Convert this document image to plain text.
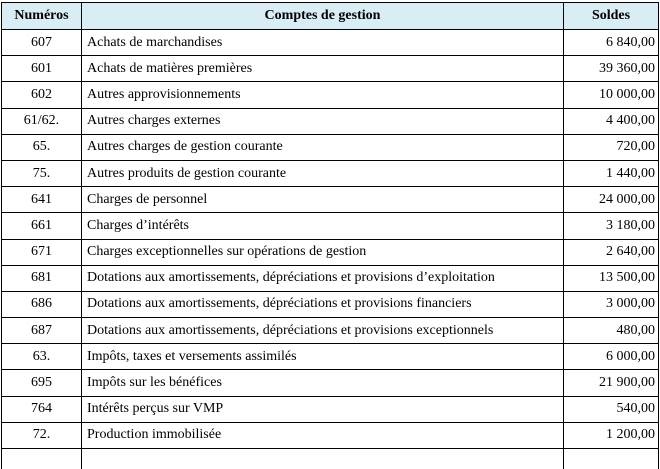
Numéros	Comptes de gestion	Soldes
607	Achats de marchandises	6 840,00
601	Achats de matières premières	39 360,00
602	Autres approvisionnements	10 000,00
61/62.	Autres charges externes	4 400,00
65.	Autres charges de gestion courante	720,00
75.	Autres produits de gestion courante	1 440,00
641	Charges de personnel	24 000,00
661	Charges d’intérêts	3 180,00
671	Charges exceptionnelles sur opérations de gestion	2 640,00
681	Dotations aux amortissements, dépréciations et provisions d’exploitation	13 500,00
686	Dotations aux amortissements, dépréciations et provisions financiers	3 000,00
687	Dotations aux amortissements, dépréciations et provisions exceptionnels	480,00
63.	Impôts, taxes et versements assimilés	6 000,00
695	Impôts sur les bénéfices	21 900,00
764	Intérêts perçus sur VMP	540,00
72.	Production immobilisée	1 200,00
